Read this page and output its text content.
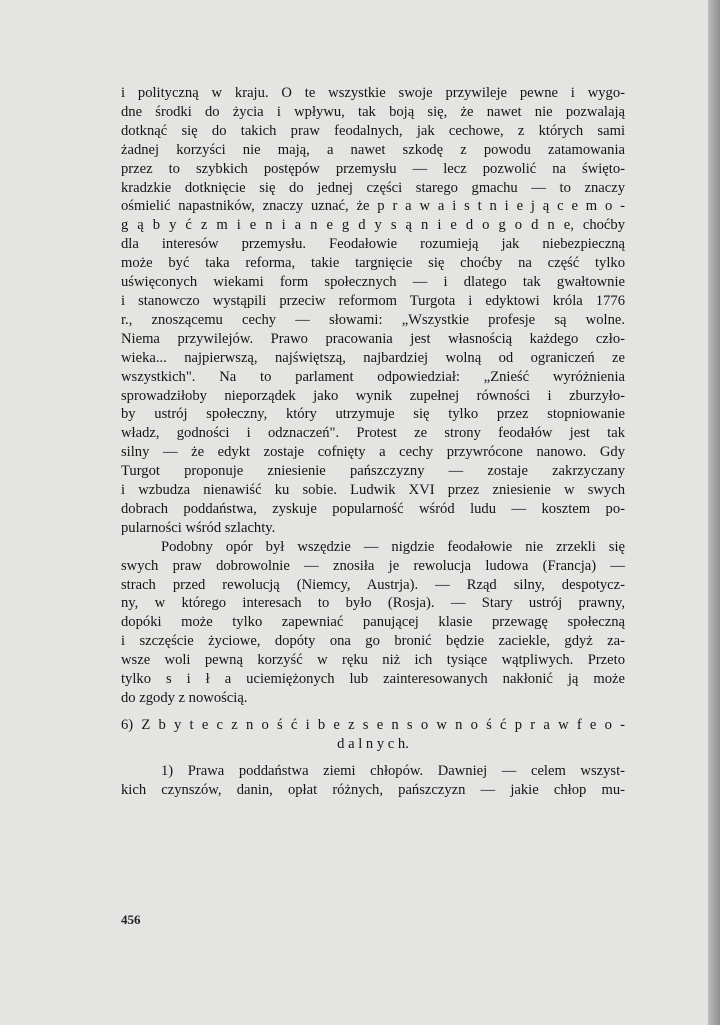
i polityczną w kraju. O te wszystkie swoje przywileje pewne i wygo-
dne środki do życia i wpływu, tak boją się, że nawet nie pozwalają
dotknąć się do takich praw feodalnych, jak cechowe, z których sami
żadnej korzyści nie mają, a nawet szkodę z powodu zatamowania
przez to szybkich postępów przemysłu — lecz pozwolić na święto-
kradzkie dotknięcie się do jednej części starego gmachu — to znaczy
ośmielić napastników, znaczy uznać, że p r a w a i s t n i e j ą c e m o -
g ą b y ć z m i e n i a n e g d y s ą n i e d o g o d n e, choćby
dla interesów przemysłu. Feodałowie rozumieją jak niebezpieczną
może być taka reforma, takie targnięcie się choćby na część tylko
uświęconych wiekami form społecznych — i dlatego tak gwałtownie
i stanowczo wystąpili przeciw reformom Turgota i edyktowi króla 1776
r., znoszącemu cechy — słowami: „Wszystkie profesje są wolne.
Niema przywilejów. Prawo pracowania jest własnością każdego czło-
wieka... najpierwszą, najświętszą, najbardziej wolną od ograniczeń ze
wszystkich". Na to parlament odpowiedział: „Znieść wyróżnienia
sprowadziłoby nieporządek jako wynik zupełnej równości i zburzyło-
by ustrój społeczny, który utrzymuje się tylko przez stopniowanie
władz, godności i odznaczeń". Protest ze strony feodałów jest tak
silny — że edykt zostaje cofnięty a cechy przywrócone nanowo. Gdy
Turgot proponuje zniesienie pańszczyzny — zostaje zakrzyczany
i wzbudza nienawiść ku sobie. Ludwik XVI przez zniesienie w swych
dobrach poddaństwa, zyskuje popularność wśród ludu — kosztem po-
pularności wśród szlachty.
Podobny opór był wszędzie — nigdzie feodałowie nie zrzekli się
swych praw dobrowolnie — znosiła je rewolucja ludowa (Francja) —
strach przed rewolucją (Niemcy, Austrja). — Rząd silny, despotycz-
ny, w którego interesach to było (Rosja). — Stary ustrój prawny,
dopóki może tylko zapewniać panującej klasie przewagę społeczną
i szczęście życiowe, dopóty ona go bronić będzie zaciekle, gdyż za-
wsze woli pewną korzyść w ręku niż ich tysiące wątpliwych. Przeto
tylko s i ł a uciemiężonych lub zainteresowanych nakłonić ją może
do zgody z nowością.
6) Z b y t e c z n o ś ć i b e z s e n s o w n o ś ć p r a w f e o -
d a l n y c h.
1) Prawa poddaństwa ziemi chłopów. Dawniej — celem wszyst-
kich czynszów, danin, opłat różnych, pańszczyzn — jakie chłop mu-
456
